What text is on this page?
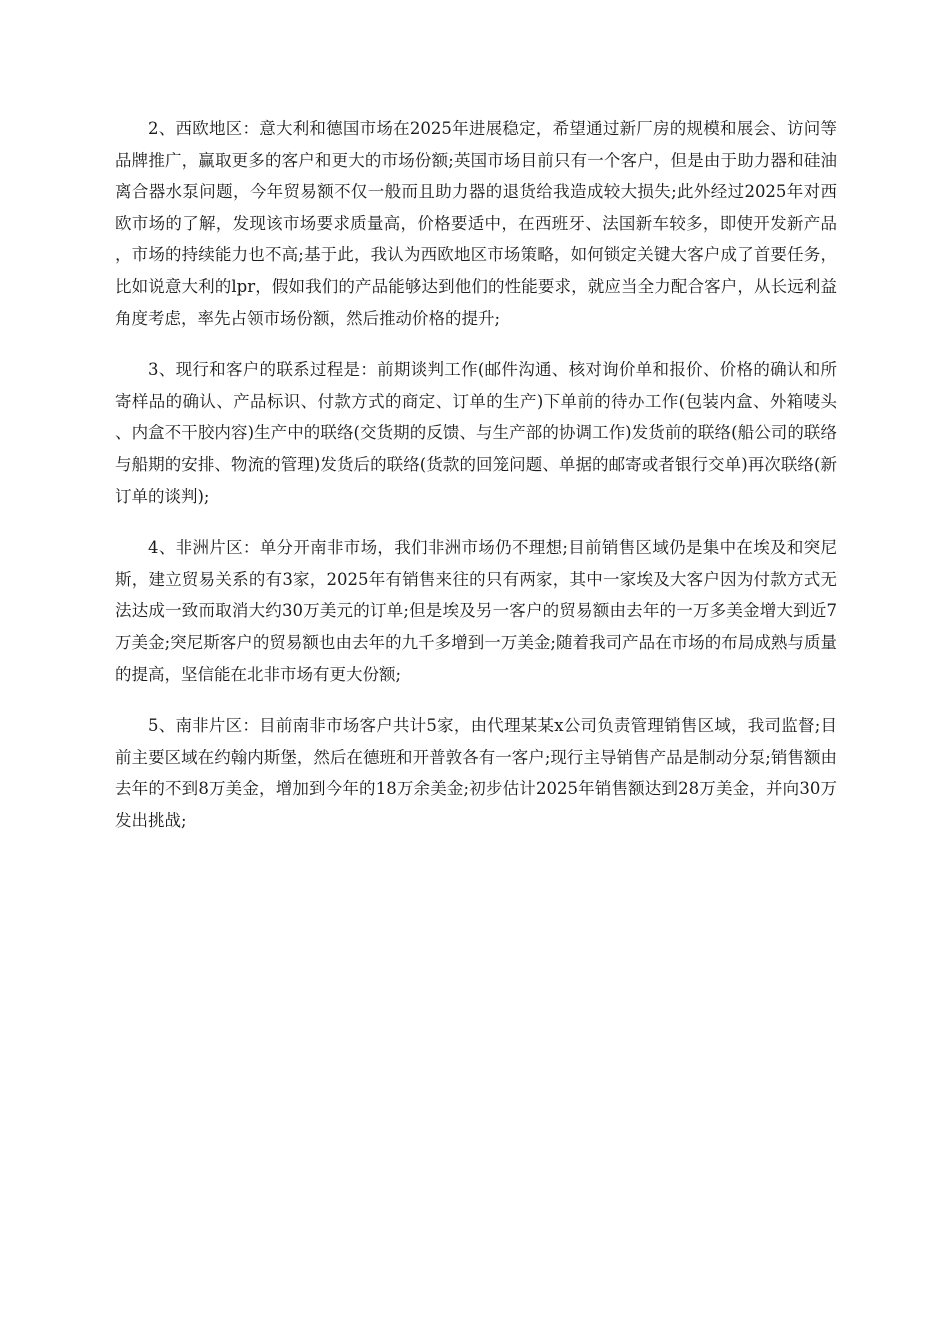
2、西欧地区：意大利和德国市场在2025年进展稳定，希望通过新厂房的规模和展会、访问等品牌推广，赢取更多的客户和更大的市场份额;英国市场目前只有一个客户，但是由于助力器和硅油离合器水泵问题，今年贸易额不仅一般而且助力器的退货给我造成较大损失;此外经过2025年对西欧市场的了解，发现该市场要求质量高，价格要适中，在西班牙、法国新车较多，即使开发新产品，市场的持续能力也不高;基于此，我认为西欧地区市场策略，如何锁定关键大客户成了首要任务，比如说意大利的lpr，假如我们的产品能够达到他们的性能要求，就应当全力配合客户，从长远利益角度考虑，率先占领市场份额，然后推动价格的提升;

3、现行和客户的联系过程是：前期谈判工作(邮件沟通、核对询价单和报价、价格的确认和所寄样品的确认、产品标识、付款方式的商定、订单的生产)下单前的待办工作(包装内盒、外箱唛头、内盒不干胶内容)生产中的联络(交货期的反馈、与生产部的协调工作)发货前的联络(船公司的联络与船期的安排、物流的管理)发货后的联络(货款的回笼问题、单据的邮寄或者银行交单)再次联络(新订单的谈判);

4、非洲片区：单分开南非市场，我们非洲市场仍不理想;目前销售区域仍是集中在埃及和突尼斯，建立贸易关系的有3家，2025年有销售来往的只有两家，其中一家埃及大客户因为付款方式无法达成一致而取消大约30万美元的订单;但是埃及另一客户的贸易额由去年的一万多美金增大到近7万美金;突尼斯客户的贸易额也由去年的九千多增到一万美金;随着我司产品在市场的布局成熟与质量的提高，坚信能在北非市场有更大份额;

5、南非片区：目前南非市场客户共计5家，由代理某某x公司负责管理销售区域，我司监督;目前主要区域在约翰内斯堡，然后在德班和开普敦各有一客户;现行主导销售产品是制动分泵;销售额由去年的不到8万美金，增加到今年的18万余美金;初步估计2025年销售额达到28万美金，并向30万发出挑战;
